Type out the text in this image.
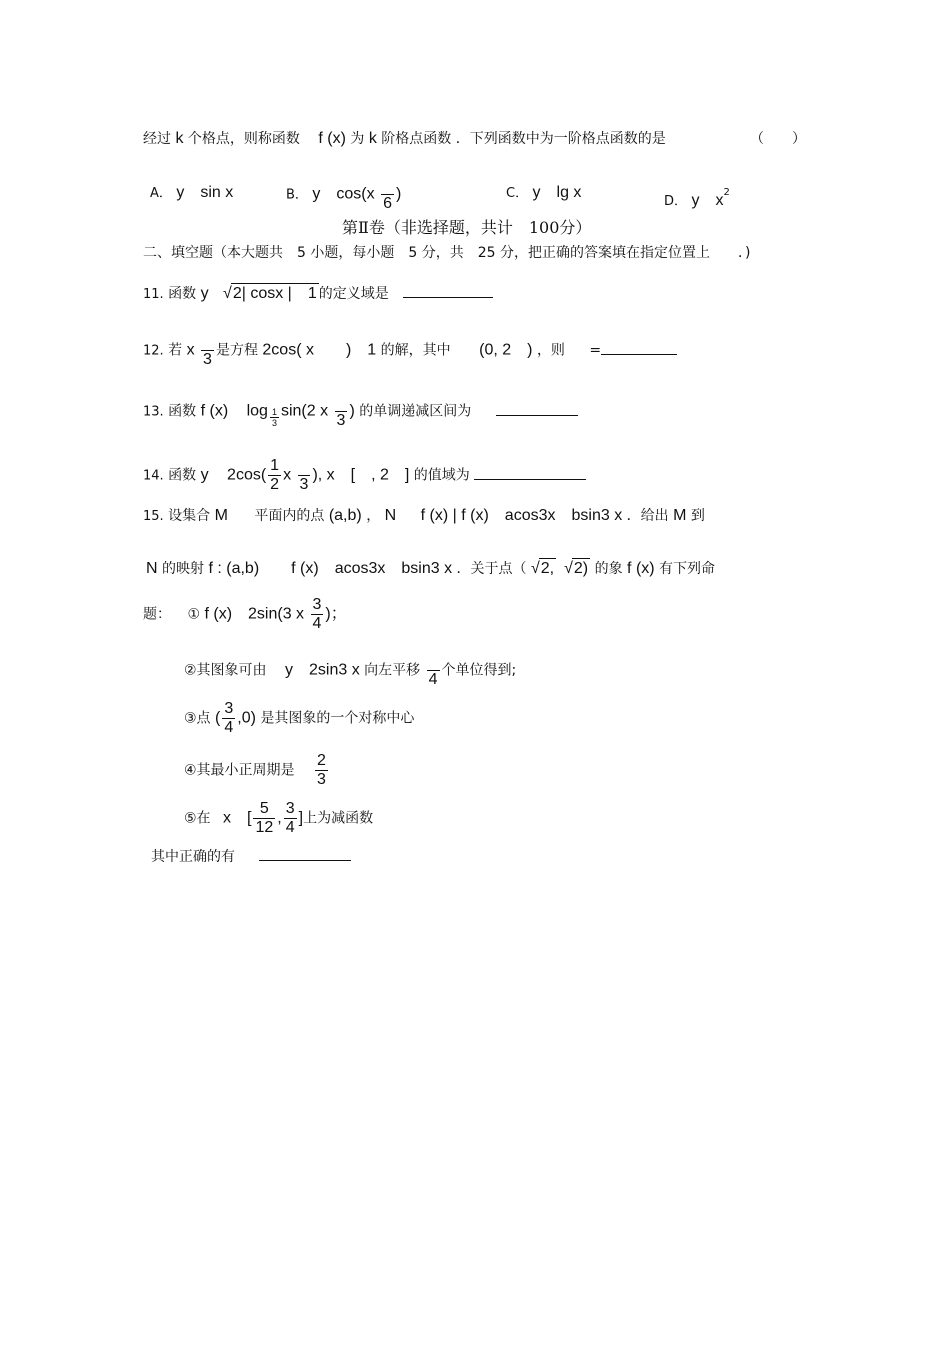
经过 k 个格点，则称函数 f (x) 为 k 阶格点函数 ．下列函数中为一阶格点函数的是	（　　）
A． y　sin x	B． y　cos(x

6
)	C． y　lg x
D． y　$x^2$
第Ⅱ卷（非选择题，共计　100分）
二、填空题（本大题共　5 小题，每小题　5 分，共　25 分，把正确的答案填在指定位置上　　．)
11. 函数 y √2| cosx |　1 的定义域是
12. 若 x

3
是方程 2cos( x　　)　1 的解，其中 (0, 2　) ，则 =
13. 函数 f (x) $\log \frac{1}{3} \sin(2$ x

3
) 的单调递减区间为
14. 函数 y $2\cos( \frac{1}{2}$ x

3
), x　[　, 2　] 的值域为
15. 设集合 M 平面内的点 (a,b) ， N f (x) | f (x)　acos3x　bsin3 x ．给出 M 到
N 的映射 f : (a,b)　　f (x)　acos3x　bsin3 x ．关于点（ √2, √2) 的象 f (x) 有下列命
题： ① f (x)　2sin(3 x $\frac{3}{4}$ )；
②其图象可由 y　2sin3 x 向左平移

4
个单位得到;
③点 ( $\frac{3}{4} ,0$) 是其图象的一个对称中心
④其最小正周期是 $\frac{2}{3}$
⑤在 x　[ $\frac{5}{12}$ , $\frac{3}{4}$ ]上为减函数
其中正确的有
